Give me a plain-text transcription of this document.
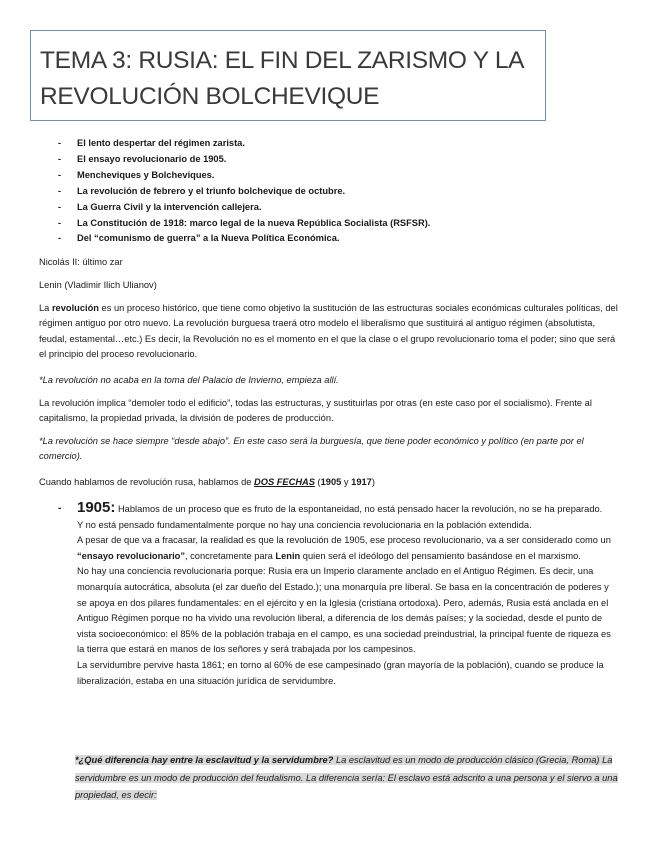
TEMA 3: RUSIA: EL FIN DEL ZARISMO Y LA

REVOLUCIÓN BOLCHEVIQUE

- El lento despertar del régimen zarista.
- El ensayo revolucionario de 1905.
- Mencheviques y Bolcheviques.
- La revolución de febrero y el triunfo bolchevique de octubre.
- La Guerra Civil y la intervención callejera.
- La Constitución de 1918: marco legal de la nueva República Socialista (RSFSR).
- Del “comunismo de guerra” a la Nueva Política Económica.

Nicolás II: último zar

Lenin (Vladimir Ilich Ulianov)

La revolución es un proceso histórico, que tiene como objetivo la sustitución de las estructuras sociales económicas culturales políticas, del régimen antiguo por otro nuevo. La revolución burguesa traerá otro modelo el liberalismo que sustituirá al antiguo régimen (absolutista, feudal, estamental…etc.) Es decir, la Revolución no es el momento en el que la clase o el grupo revolucionario toma el poder; sino que será el principio del proceso revolucionario.

*La revolución no acaba en la toma del Palacio de Invierno, empieza allí.

La revolución implica “demoler todo el edificio”, todas las estructuras, y sustituirlas por otras (en este caso por el socialismo). Frente al capitalismo, la propiedad privada, la división de poderes de producción.

*La revolución se hace siempre “desde abajo”. En este caso será la burguesía, que tiene poder económico y político (en parte por el comercio).

Cuando hablamos de revolución rusa, hablamos de DOS FECHAS (1905 y 1917)

- 1905: Hablamos de un proceso que es fruto de la espontaneidad, no está pensado hacer la revolución, no se ha preparado.
Y no está pensado fundamentalmente porque no hay una conciencia revolucionaria en la población extendida.
A pesar de que va a fracasar, la realidad es que la revolución de 1905, ese proceso revolucionario, va a ser considerado como un “ensayo revolucionario”, concretamente para Lenin quien será el ideólogo del pensamiento basándose en el marxismo.
No hay una conciencia revolucionaria porque: Rusia era un Imperio claramente anclado en el Antiguo Régimen. Es decir, una monarquía autocrática, absoluta (el zar dueño del Estado.); una monarquía pre liberal. Se basa en la concentración de poderes y se apoya en dos pilares fundamentales: en el ejército y en la Iglesia (cristiana ortodoxa). Pero, además, Rusia está anclada en el Antiguo Régimen porque no ha vivido una revolución liberal, a diferencia de los demás países; y la sociedad, desde el punto de vista socioeconómico: el 85% de la población trabaja en el campo, es una sociedad preindustrial, la principal fuente de riqueza es la tierra que estará en manos de los señores y será trabajada por los campesinos.
La servidumbre pervive hasta 1861; en torno al 60% de ese campesinado (gran mayoría de la población), cuando se produce la liberalización, estaba en una situación jurídica de servidumbre.
*¿Qué diferencia hay entre la esclavitud y la servidumbre? La esclavitud es un modo de producción clásico (Grecia, Roma) La servidumbre es un modo de producción del feudalismo. La diferencia sería: El esclavo está adscrito a una persona y el siervo a una propiedad, es decir:
